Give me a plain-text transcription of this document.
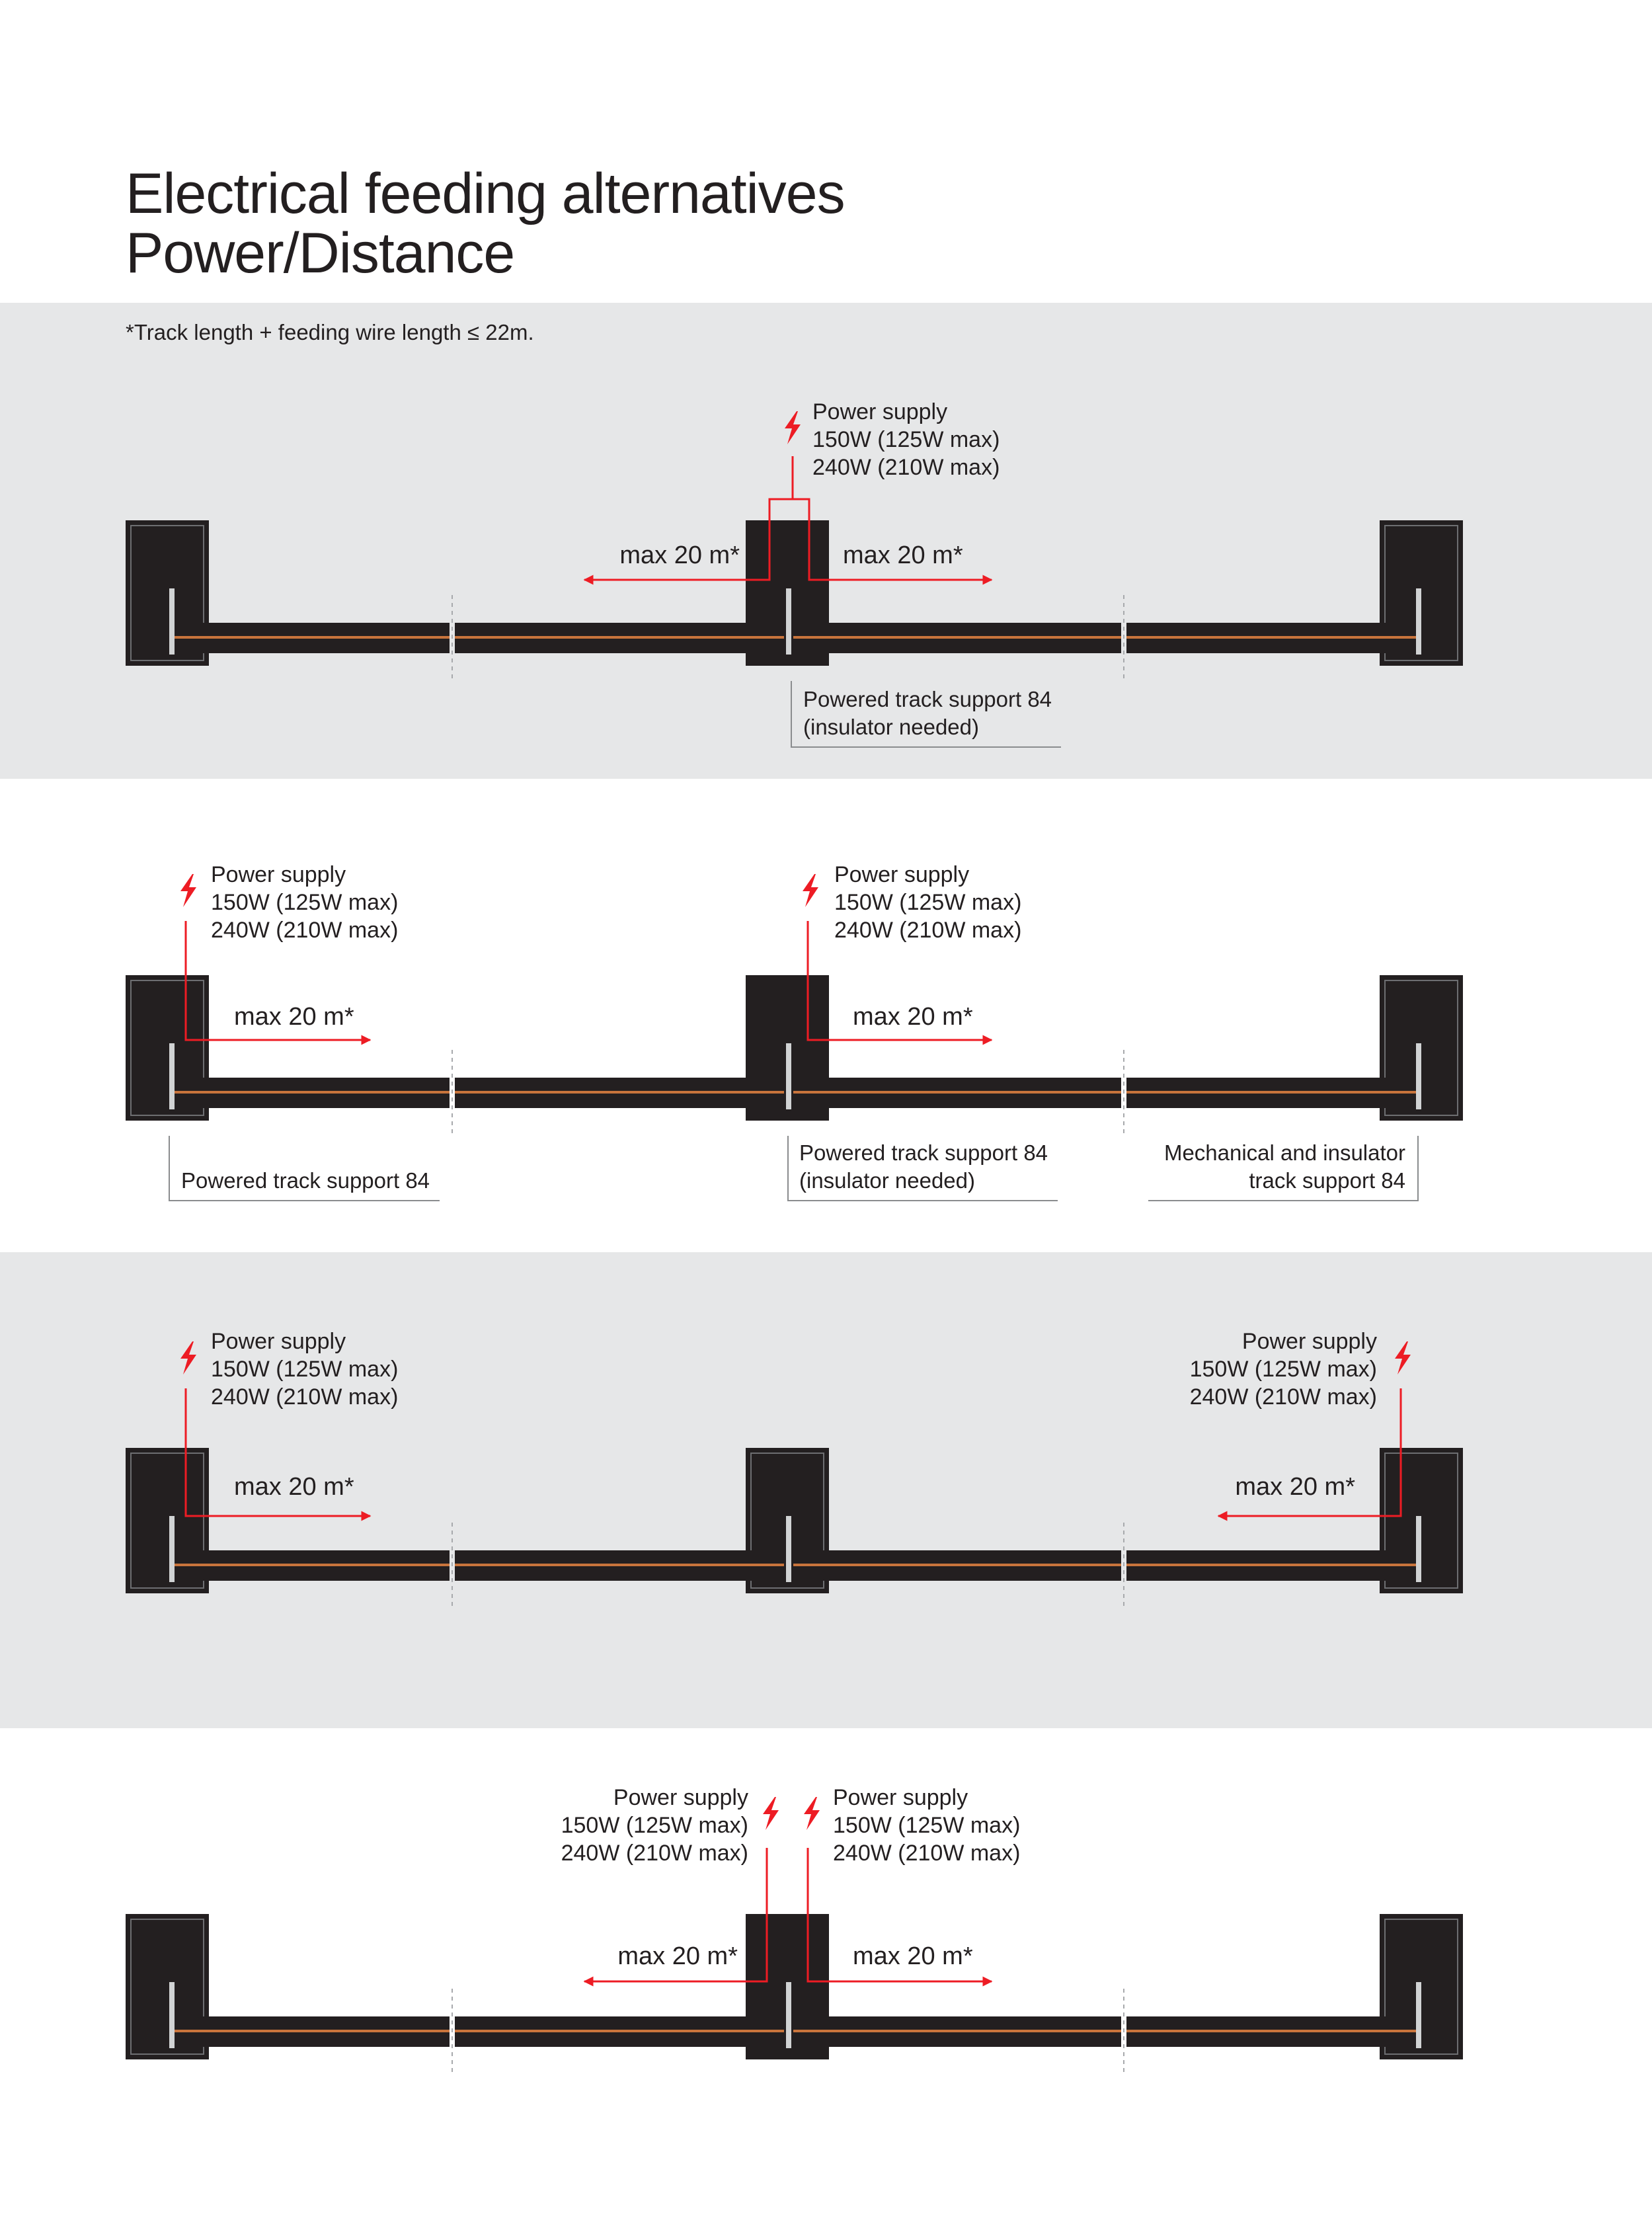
Electrical feeding alternatives
Power/Distance
*Track length + feeding wire length ≤ 22m.
Power supply
150W (125W max)
240W (210W max)
max 20 m*	max 20 m*
Powered track support 84
(insulator needed)
Power supply
150W (125W max)
240W (210W max)
max 20 m*
Power supply
150W (125W max)
240W (210W max)
max 20 m*
Powered track support 84
Powered track support 84
(insulator needed)
Mechanical and insulator
track support 84
Power supply
150W (125W max)
240W (210W max)
max 20 m*
Power supply
150W (125W max)
240W (210W max)
max 20 m*
Power supply
150W (125W max)
240W (210W max)
max 20 m*
Power supply
150W (125W max)
240W (210W max)
max 20 m*
